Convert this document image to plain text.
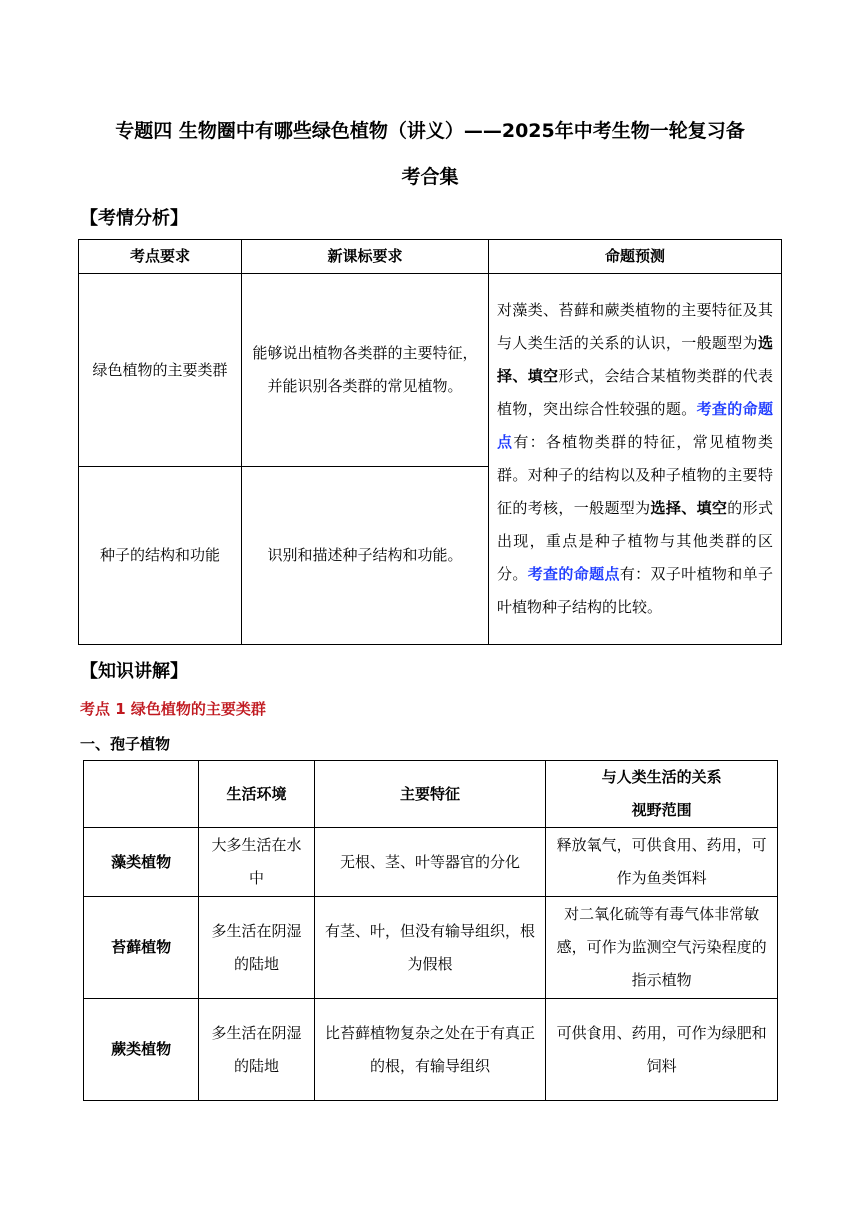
专题四 生物圈中有哪些绿色植物（讲义）——2025年中考生物一轮复习备
考合集
【考情分析】
考点要求	新课标要求	命题预测
绿色植物的主要类群	能够说出植物各类群的主要特征，并能识别各类群的常见植物。	对藻类、苔藓和蕨类植物的主要特征及其与人类生活的关系的认识，一般题型为选择、填空形式，会结合某植物类群的代表植物，突出综合性较强的题。考查的命题点有：各植物类群的特征，常见植物类群。对种子的结构以及种子植物的主要特征的考核，一般题型为选择、填空的形式出现，重点是种子植物与其他类群的区分。考查的命题点有：双子叶植物和单子叶植物种子结构的比较。
种子的结构和功能	识别和描述种子结构和功能。	
【知识讲解】
考点 1 绿色植物的主要类群
一、孢子植物
	生活环境	主要特征	与人类生活的关系
视野范围

藻类植物	大多生活在水中	无根、茎、叶等器官的分化	释放氧气，可供食用、药用，可作为鱼类饵料
苔藓植物	多生活在阴湿的陆地	有茎、叶，但没有输导组织，根为假根	对二氧化硫等有毒气体非常敏感，可作为监测空气污染程度的指示植物
蕨类植物	多生活在阴湿的陆地	比苔藓植物复杂之处在于有真正的根，有输导组织	可供食用、药用，可作为绿肥和饲料
